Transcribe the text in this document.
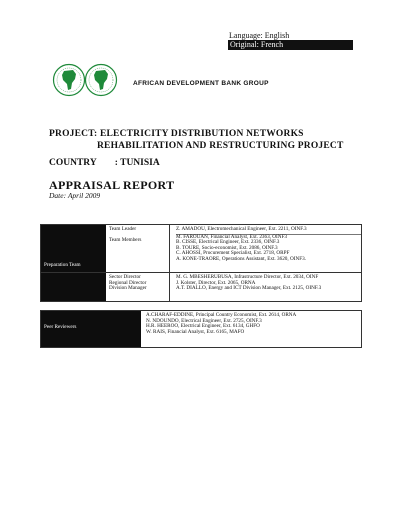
Language: English
Original: French
AFRICAN DEVELOPMENT BANK GROUP
PROJECT: ELECTRICITY DISTRIBUTION NETWORKS
REHABILITATION AND RESTRUCTURING PROJECT
COUNTRY : TUNISIA
APPRAISAL REPORT
Date: April 2009
Preparation Team
Team Leader
Team Members
Z. AMADOU, Electromechanical Engineer, Ext. 2211, OINF.3
M. FAROUAN, Financial Analyst, Ext. 2363, OINF3
B. CISSE, Electrical Engineer, Ext. 2336, OINF.3
B. TOURE, Socio-economist, Ext. 2086, OINF.3
C. AHOSSI, Procurement Specialist, Ext. 2718, ORPF
A. KONE-TRAORE, Operations Assistant, Ext. 3620, OINF3.
Sector Director
Regional Director
Division Manager
M. G. MBESHERUBUSA, Infrastructure Director, Ext. 2034, OINF
J. Kolster, Director, Ext. 2065, ORNA
A.T. DIALLO, Energy and ICT Division Manager, Ext. 2125, OINF.3
Peer Reviewers
A.CHARAF-EDDINE, Principal Country Economist, Ext. 2614, ORNA
N. NDOUNDO, Electrical Engineer, Ext. 2725, OINF.3
H.R. HEEROO, Electrical Engineer, Ext. 6134, GHFO
W. RAIS, Financial Analyst, Ext. 6165, MAFO
